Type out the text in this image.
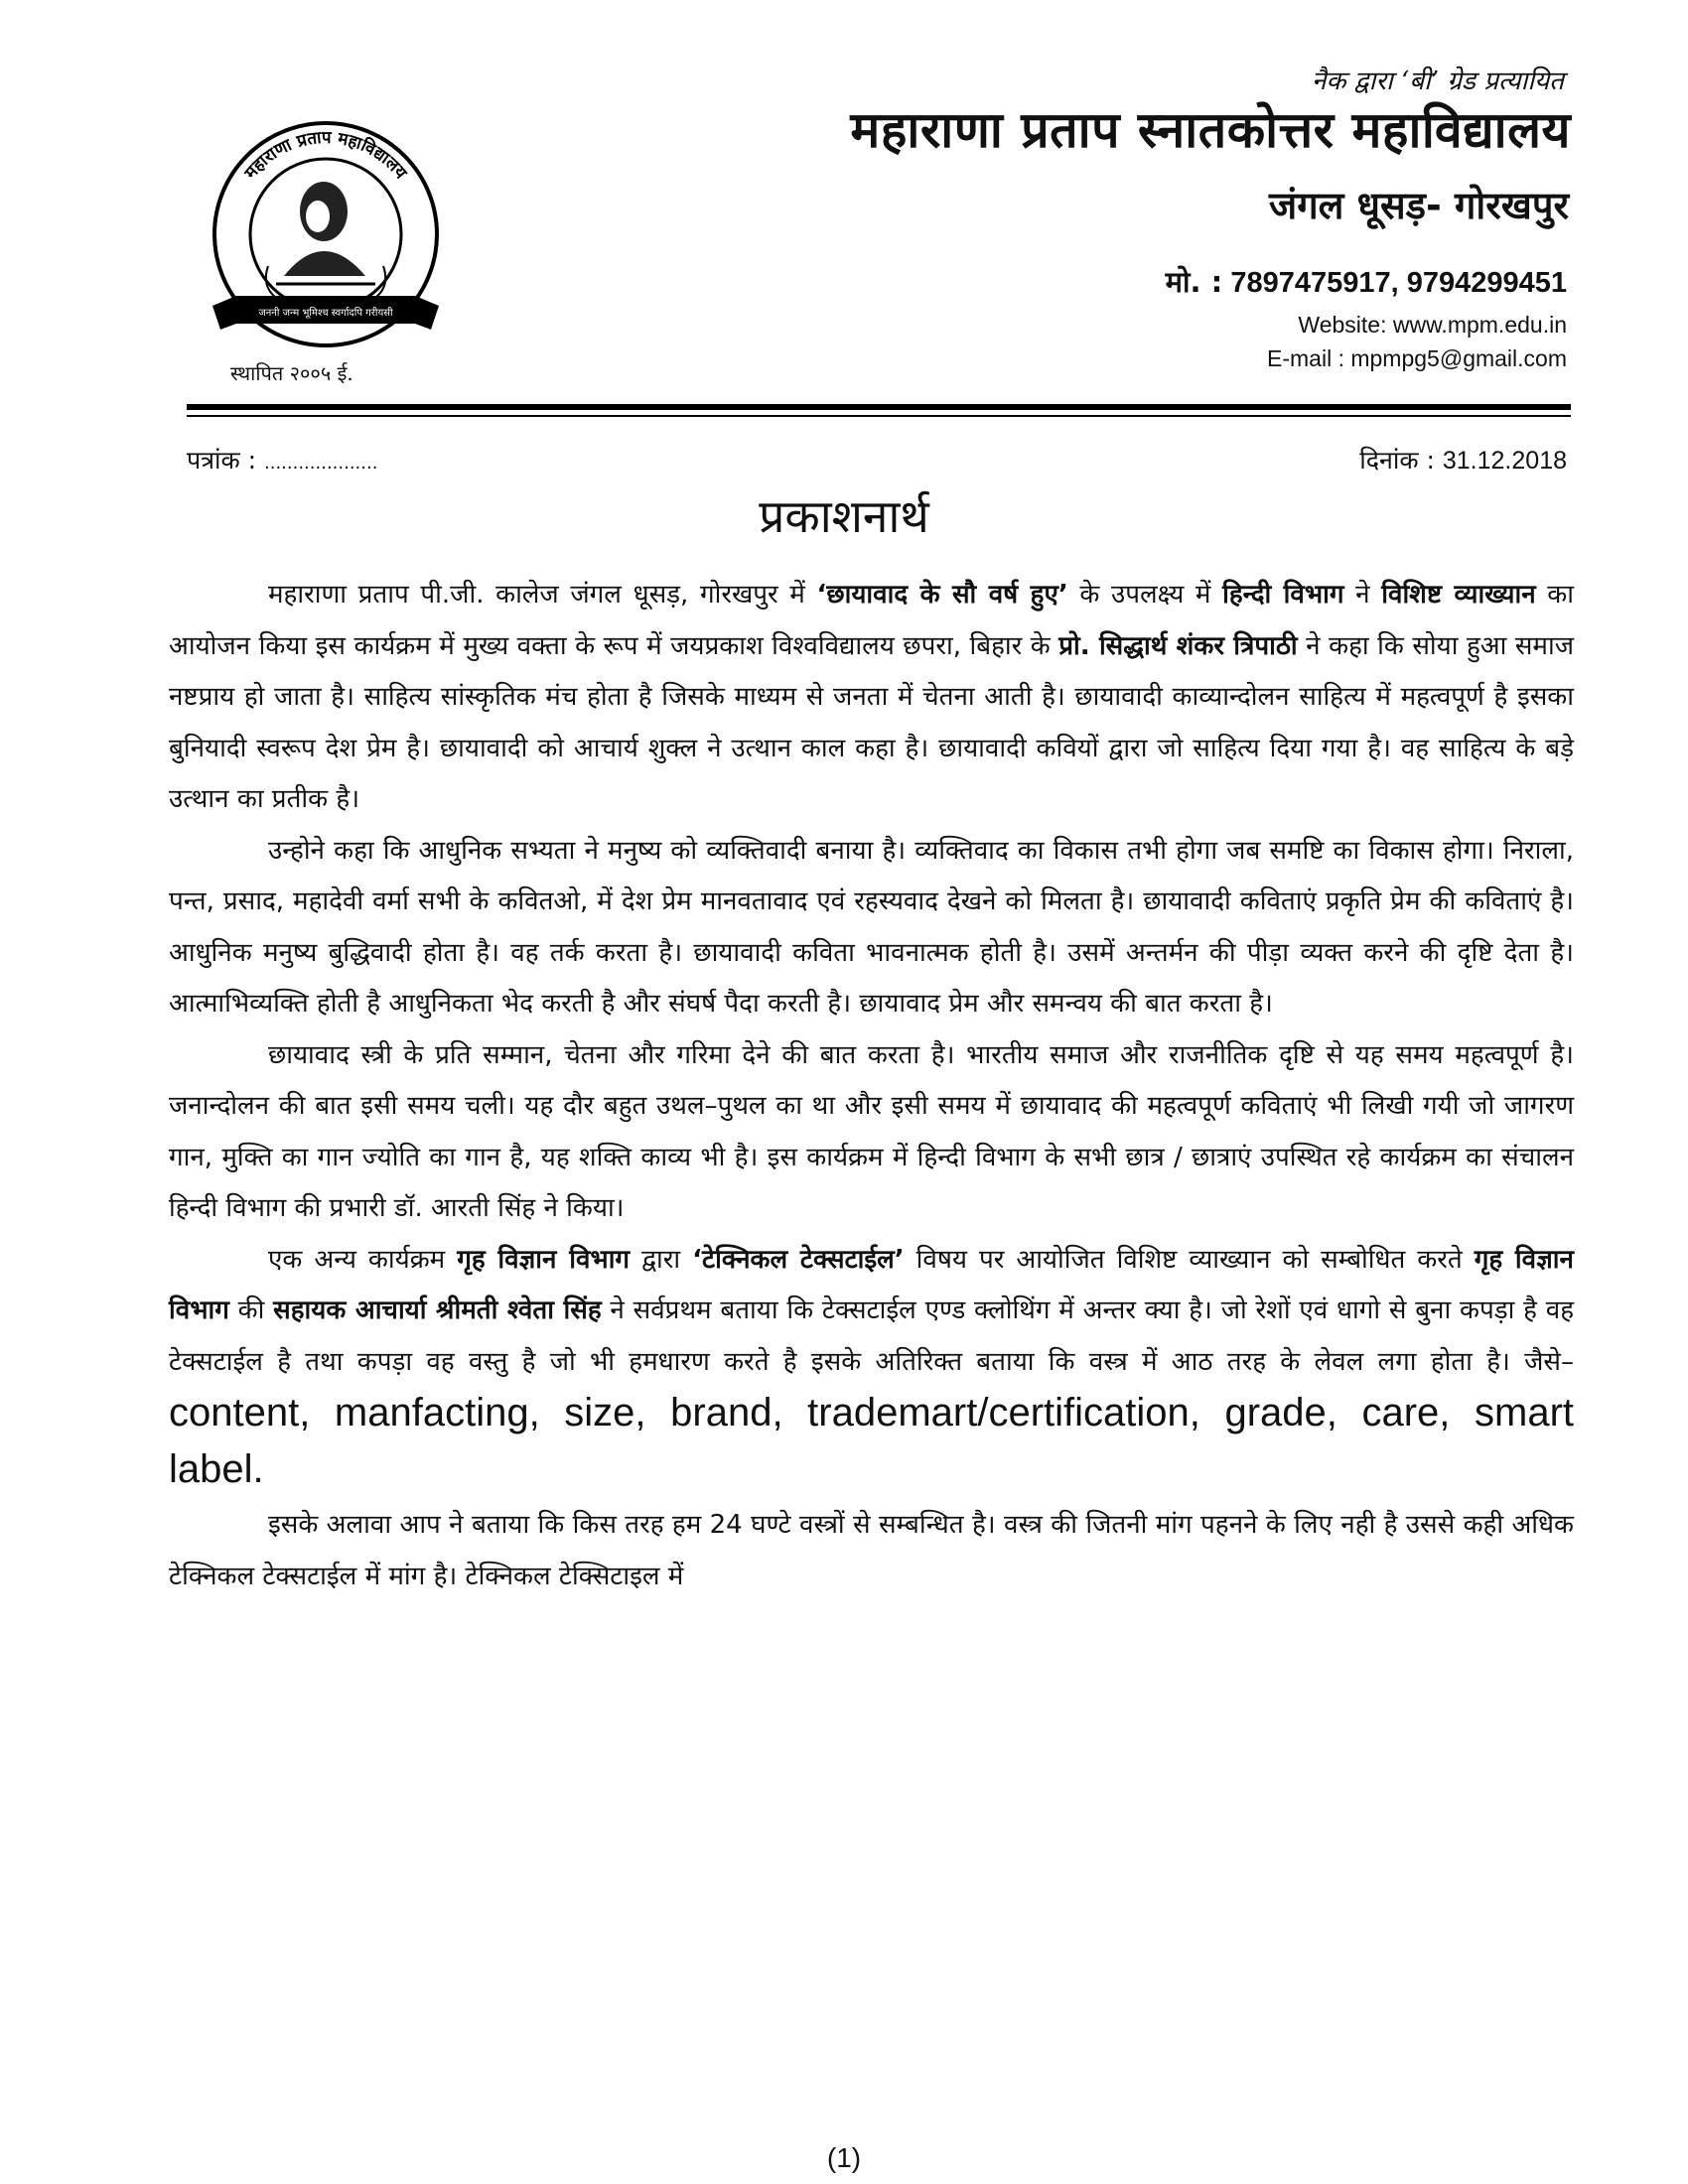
महाराणा प्रताप महाविद्यालय
जननी जन्म भूमिश्च स्वर्गादपि गरीयसी
स्थापित २००५ ई.
नैक द्वारा ‘बी’ ग्रेड प्रत्यायित
महाराणा प्रताप स्नातकोत्तर महाविद्यालय
जंगल धूसड़- गोरखपुर
मो. : 7897475917, 9794299451
Website: www.mpm.edu.in
E-mail : mpmpg5@gmail.com
पत्रांक : ....................	दिनांक : 31.12.2018
प्रकाशनार्थ

महाराणा प्रताप पी.जी. कालेज जंगल धूसड़, गोरखपुर में ‘छायावाद के सौ वर्ष हुए’ के उपलक्ष्य में हिन्दी विभाग ने विशिष्ट व्याख्यान का आयोजन किया इस कार्यक्रम में मुख्य वक्ता के रूप में जयप्रकाश विश्वविद्यालय छपरा, बिहार के प्रो. सिद्धार्थ शंकर त्रिपाठी ने कहा कि सोया हुआ समाज नष्टप्राय हो जाता है। साहित्य सांस्कृतिक मंच होता है जिसके माध्यम से जनता में चेतना आती है। छायावादी काव्यान्दोलन साहित्य में महत्वपूर्ण है इसका बुनियादी स्वरूप देश प्रेम है। छायावादी को आचार्य शुक्ल ने उत्थान काल कहा है। छायावादी कवियों द्वारा जो साहित्य दिया गया है। वह साहित्य के बड़े उत्थान का प्रतीक है।

उन्होने कहा कि आधुनिक सभ्यता ने मनुष्य को व्यक्तिवादी बनाया है। व्यक्तिवाद का विकास तभी होगा जब समष्टि का विकास होगा। निराला, पन्त, प्रसाद, महादेवी वर्मा सभी के कवितओ, में देश प्रेम मानवतावाद एवं रहस्यवाद देखने को मिलता है। छायावादी कविताएं प्रकृति प्रेम की कविताएं है। आधुनिक मनुष्य बुद्धिवादी होता है। वह तर्क करता है। छायावादी कविता भावनात्मक होती है। उसमें अन्तर्मन की पीड़ा व्यक्त करने की दृष्टि देता है। आत्माभिव्यक्ति होती है आधुनिकता भेद करती है और संघर्ष पैदा करती है। छायावाद प्रेम और समन्वय की बात करता है।

छायावाद स्त्री के प्रति सम्मान, चेतना और गरिमा देने की बात करता है। भारतीय समाज और राजनीतिक दृष्टि से यह समय महत्वपूर्ण है। जनान्दोलन की बात इसी समय चली। यह दौर बहुत उथल–पुथल का था और इसी समय में छायावाद की महत्वपूर्ण कविताएं भी लिखी गयी जो जागरण गान, मुक्ति का गान ज्योति का गान है, यह शक्ति काव्य भी है। इस कार्यक्रम में हिन्दी विभाग के सभी छात्र / छात्राएं उपस्थित रहे कार्यक्रम का संचालन हिन्दी विभाग की प्रभारी डॉ. आरती सिंह ने किया।

एक अन्य कार्यक्रम गृह विज्ञान विभाग द्वारा ‘टेक्निकल टेक्सटाईल’ विषय पर आयोजित विशिष्ट व्याख्यान को सम्बोधित करते गृह विज्ञान विभाग की सहायक आचार्या श्रीमती श्वेता सिंह ने सर्वप्रथम बताया कि टेक्सटाईल एण्ड क्लोथिंग में अन्तर क्या है। जो रेशों एवं धागो से बुना कपड़ा है वह टेक्सटाईल है तथा कपड़ा वह वस्तु है जो भी हमधारण करते है इसके अतिरिक्त बताया कि वस्त्र में आठ तरह के लेवल लगा होता है। जैसे– content, manfacting, size, brand, trademart/certification, grade, care, smart label.

इसके अलावा आप ने बताया कि किस तरह हम 24 घण्टे वस्त्रों से सम्बन्धित है। वस्त्र की जितनी मांग पहनने के लिए नही है उससे कही अधिक टेक्निकल टेक्सटाईल में मांग है। टेक्निकल टेक्सिटाइल में

(1)
